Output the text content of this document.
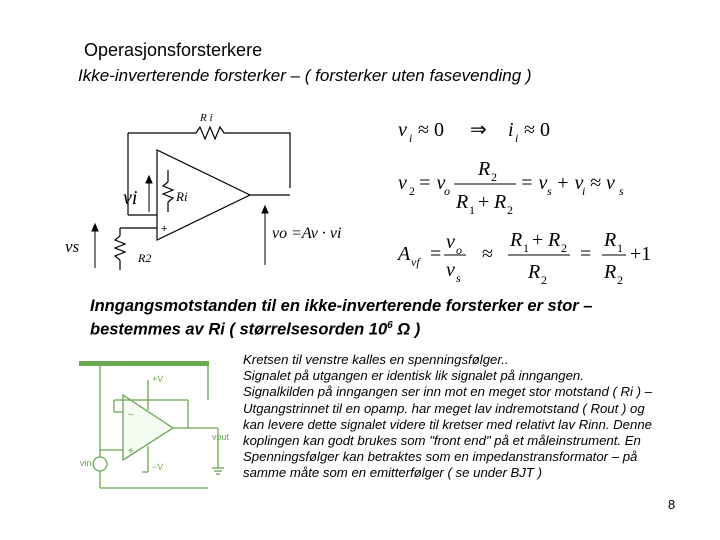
Operasjonsforsterkere
Ikke-inverterende forsterker – ( forsterker uten fasevending )
R i
vi	Ri
vs
R2
+	vo =Av · vi
v i ≈ 0 ⇒ i i ≈ 0
v 2 = v
o
R 2
R 1 + R 2
= v s + v
i ≈ v s
A vf =
v o
v s
≈
R 1 + R 2
R 2
=
R 1
R 2
+1
Inngangsmotstanden til en ikke-inverterende forsterker er stor –
bestemmes av Ri ( størrelsesorden $10^6$ Ω )
−
+
+V
−V
vout
vin
Kretsen til venstre kalles en spenningsfølger..
Signalet på utgangen er identisk lik signalet på inngangen.
Signalkilden på inngangen ser inn mot en meget stor motstand ( Ri ) –
Utgangstrinnet til en opamp. har meget lav indremotstand ( Rout ) og
kan levere dette signalet videre til kretser med relativt lav Rinn. Denne
koplingen kan godt brukes som "front end" på et måleinstrument. En
Spenningsfølger kan betraktes som en impedanstransformator – på
samme måte som en emitterfølger ( se under BJT )
8
